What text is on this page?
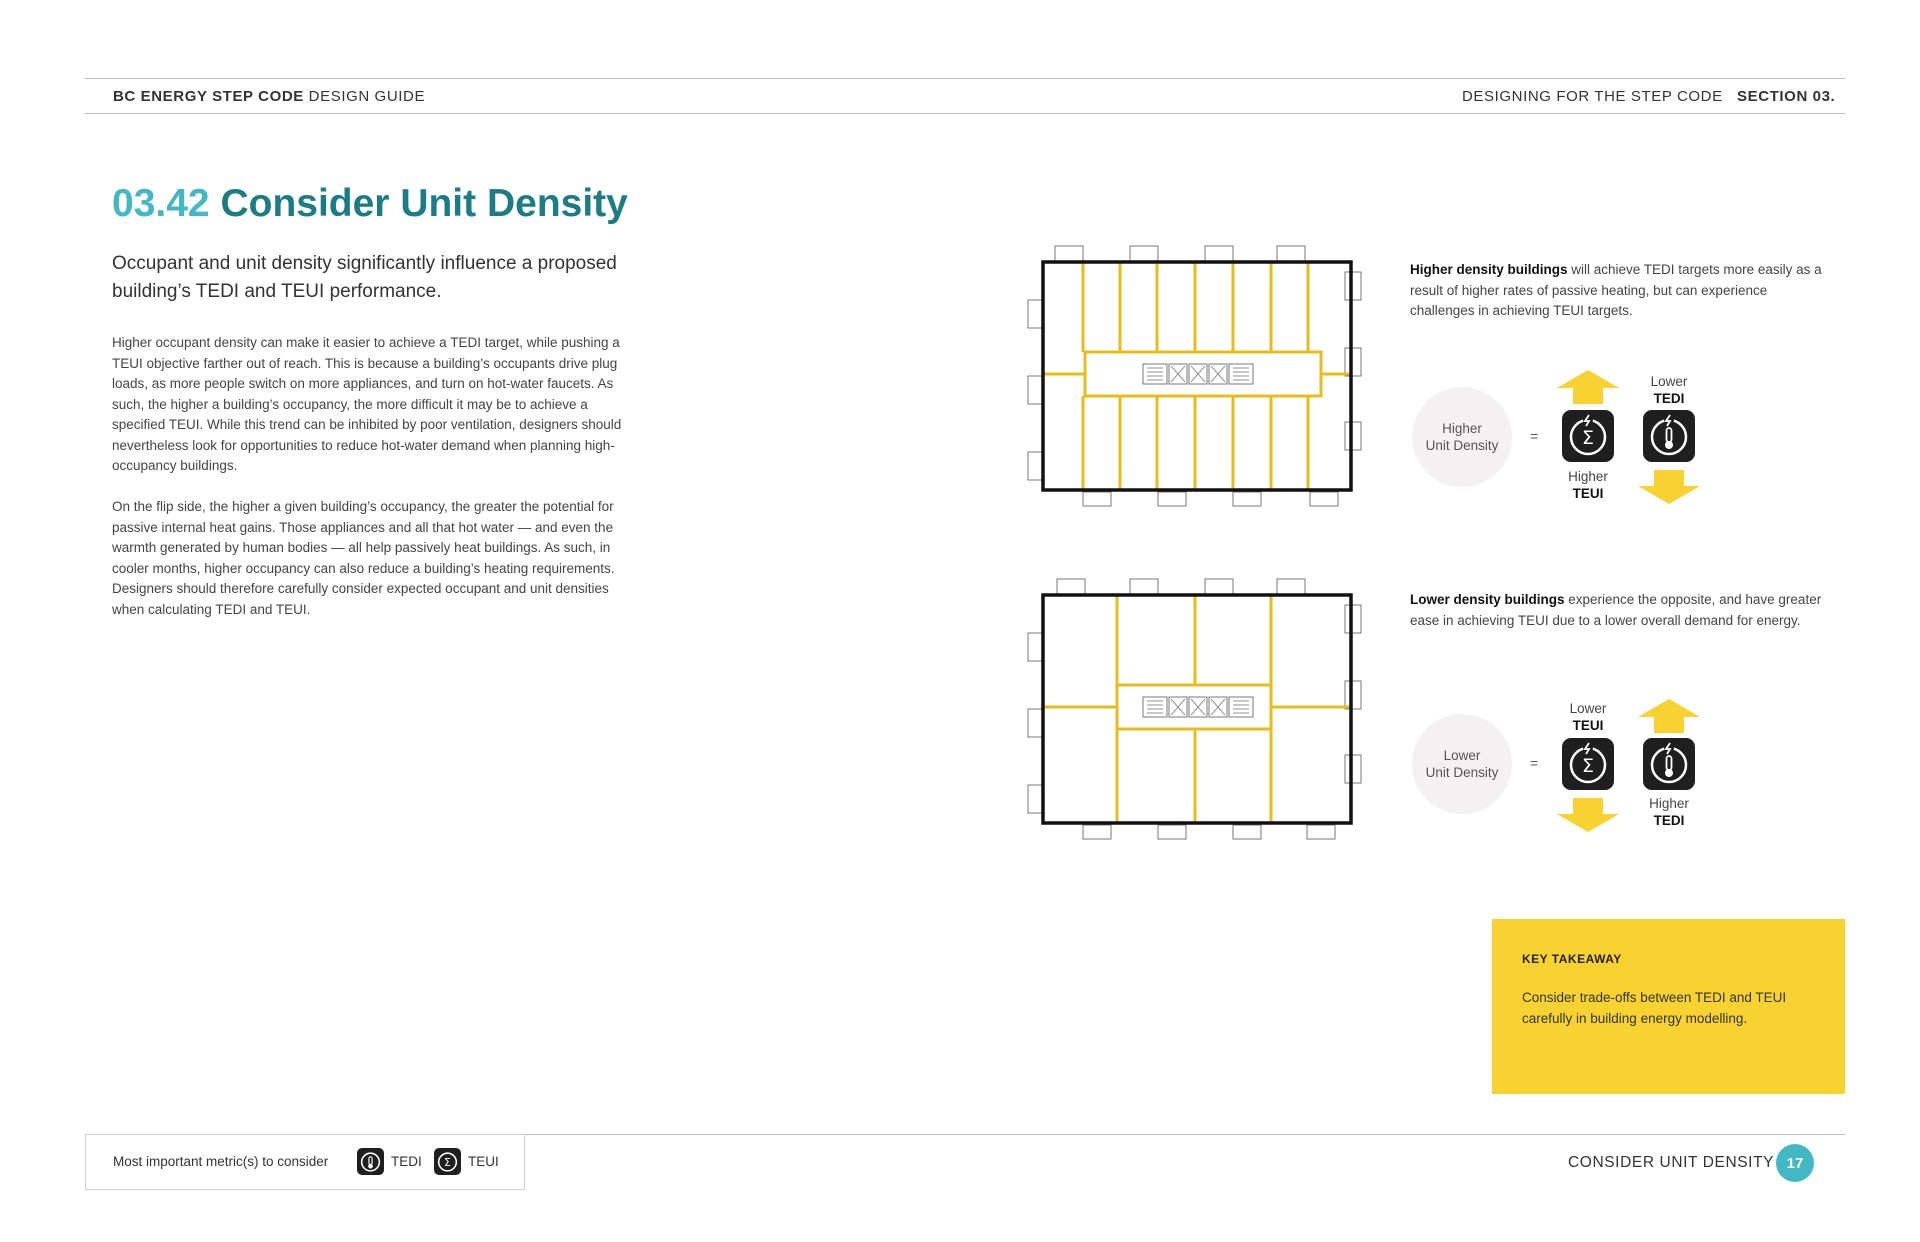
BC ENERGY STEP CODE DESIGN GUIDE	DESIGNING FOR THE STEP CODE SECTION 03.
03.42 Consider Unit Density
Occupant and unit density significantly influence a proposed building’s TEDI and TEUI performance.

Higher occupant density can make it easier to achieve a TEDI target, while pushing a TEUI objective farther out of reach. This is because a building’s occupants drive plug loads, as more people switch on more appliances, and turn on hot-water faucets. As such, the higher a building’s occupancy, the more difficult it may be to achieve a specified TEUI. While this trend can be inhibited by poor ventilation, designers should nevertheless look for opportunities to reduce hot-water demand when planning high-occupancy buildings.

On the flip side, the higher a given building’s occupancy, the greater the potential for passive internal heat gains. Those appliances and all that hot water — and even the warmth generated by human bodies — all help passively heat buildings. As such, in cooler months, higher occupancy can also reduce a building’s heating requirements. Designers should therefore carefully consider expected occupant and unit densities when calculating TEDI and TEUI.

Higher density buildings will achieve TEDI targets more easily as a result of higher rates of passive heating, but can experience challenges in achieving TEUI targets.
Higher
Unit Density
= Σ
Higher
TEUI
Lower
TEDI
Lower density buildings experience the opposite, and have greater ease in achieving TEUI due to a lower overall demand for energy.
Lower
Unit Density
=
Lower
TEUI
Σ
Higher
TEDI
KEY TAKEAWAY
Consider trade-offs between TEDI and TEUI carefully in building energy modelling.
Most important metric(s) to consider	TEDI Σ TEUI	CONSIDER UNIT DENSITY 17
